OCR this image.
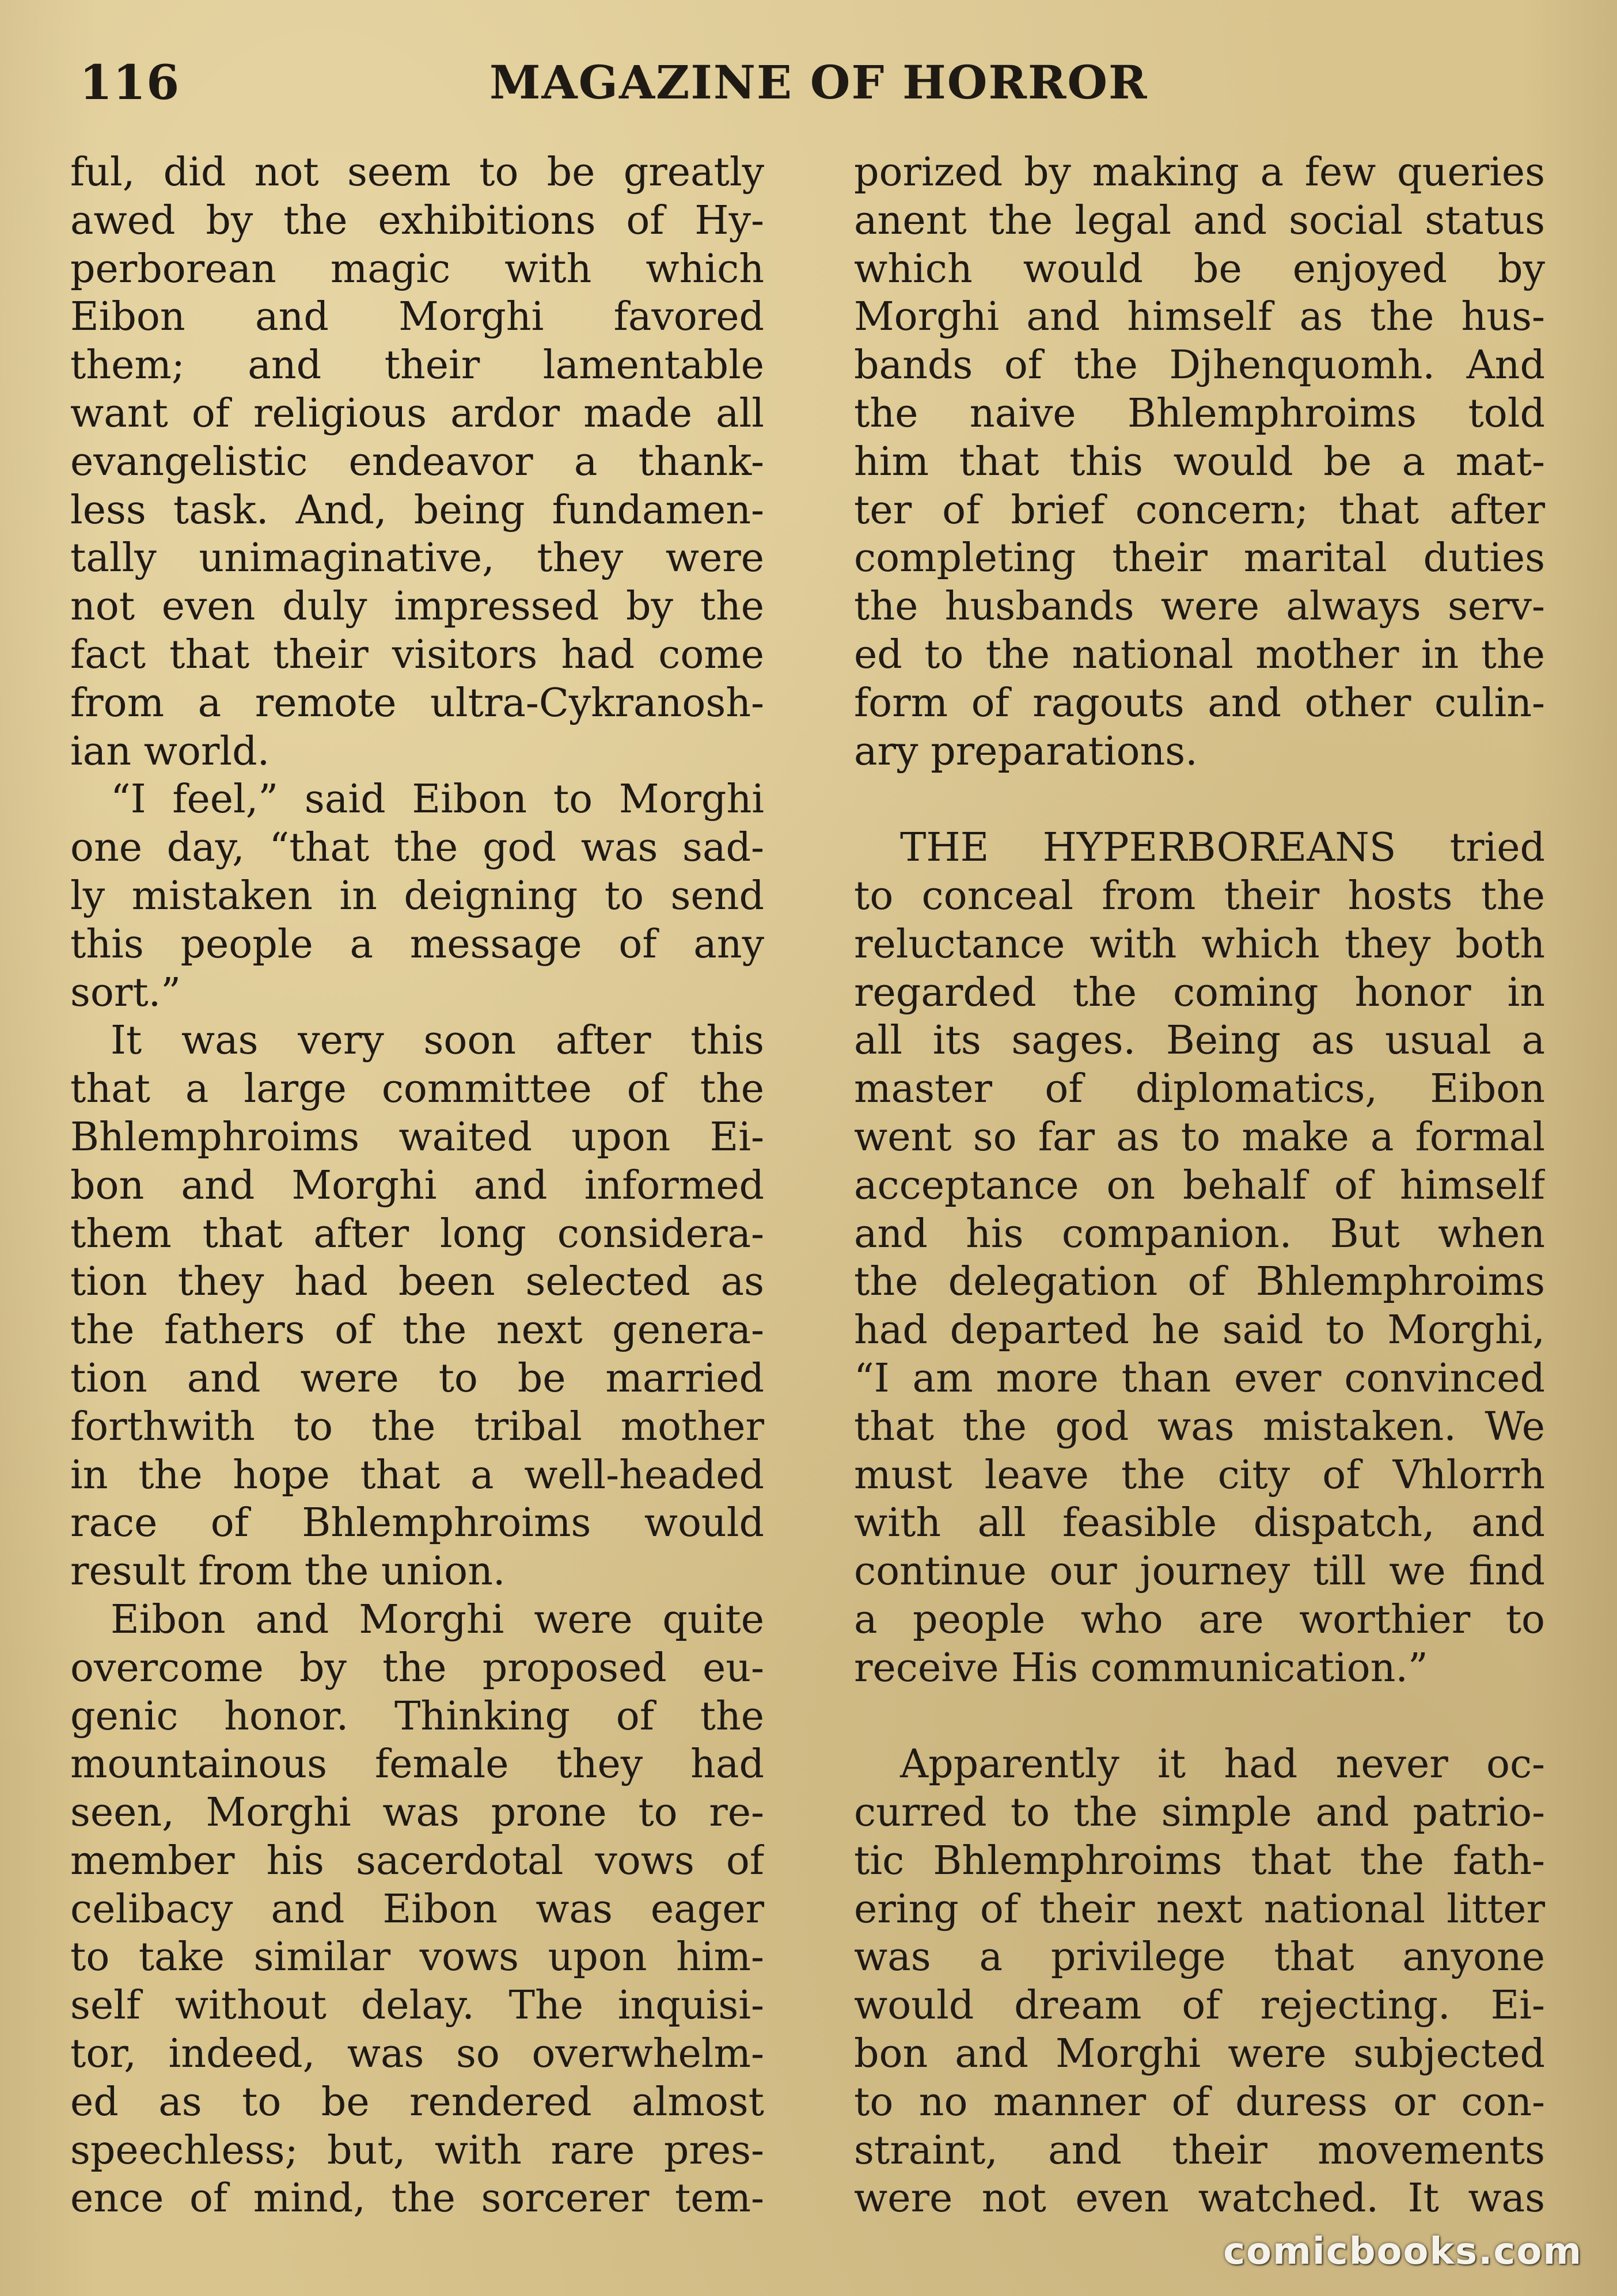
116	MAGAZINE OF HORROR
ful, did not seem to be greatly
awed by the exhibitions of Hy-
perborean magic with which
Eibon and Morghi favored
them; and their lamentable
want of religious ardor made all
evangelistic endeavor a thank-
less task. And, being fundamen-
tally unimaginative, they were
not even duly impressed by the
fact that their visitors had come
from a remote ultra-Cykranosh-
ian world.
“I feel,” said Eibon to Morghi
one day, “that the god was sad-
ly mistaken in deigning to send
this people a message of any
sort.”
It was very soon after this
that a large committee of the
Bhlemphroims waited upon Ei-
bon and Morghi and informed
them that after long considera-
tion they had been selected as
the fathers of the next genera-
tion and were to be married
forthwith to the tribal mother
in the hope that a well-headed
race of Bhlemphroims would
result from the union.
Eibon and Morghi were quite
overcome by the proposed eu-
genic honor. Thinking of the
mountainous female they had
seen, Morghi was prone to re-
member his sacerdotal vows of
celibacy and Eibon was eager
to take similar vows upon him-
self without delay. The inquisi-
tor, indeed, was so overwhelm-
ed as to be rendered almost
speechless; but, with rare pres-
ence of mind, the sorcerer tem-
porized by making a few queries
anent the legal and social status
which would be enjoyed by
Morghi and himself as the hus-
bands of the Djhenquomh. And
the naive Bhlemphroims told
him that this would be a mat-
ter of brief concern; that after
completing their marital duties
the husbands were always serv-
ed to the national mother in the
form of ragouts and other culin-
ary preparations.
THE HYPERBOREANS tried
to conceal from their hosts the
reluctance with which they both
regarded the coming honor in
all its sages. Being as usual a
master of diplomatics, Eibon
went so far as to make a formal
acceptance on behalf of himself
and his companion. But when
the delegation of Bhlemphroims
had departed he said to Morghi,
“I am more than ever convinced
that the god was mistaken. We
must leave the city of Vhlorrh
with all feasible dispatch, and
continue our journey till we find
a people who are worthier to
receive His communication.”
Apparently it had never oc-
curred to the simple and patrio-
tic Bhlemphroims that the fath-
ering of their next national litter
was a privilege that anyone
would dream of rejecting. Ei-
bon and Morghi were subjected
to no manner of duress or con-
straint, and their movements
were not even watched. It was
comicbooks.com
